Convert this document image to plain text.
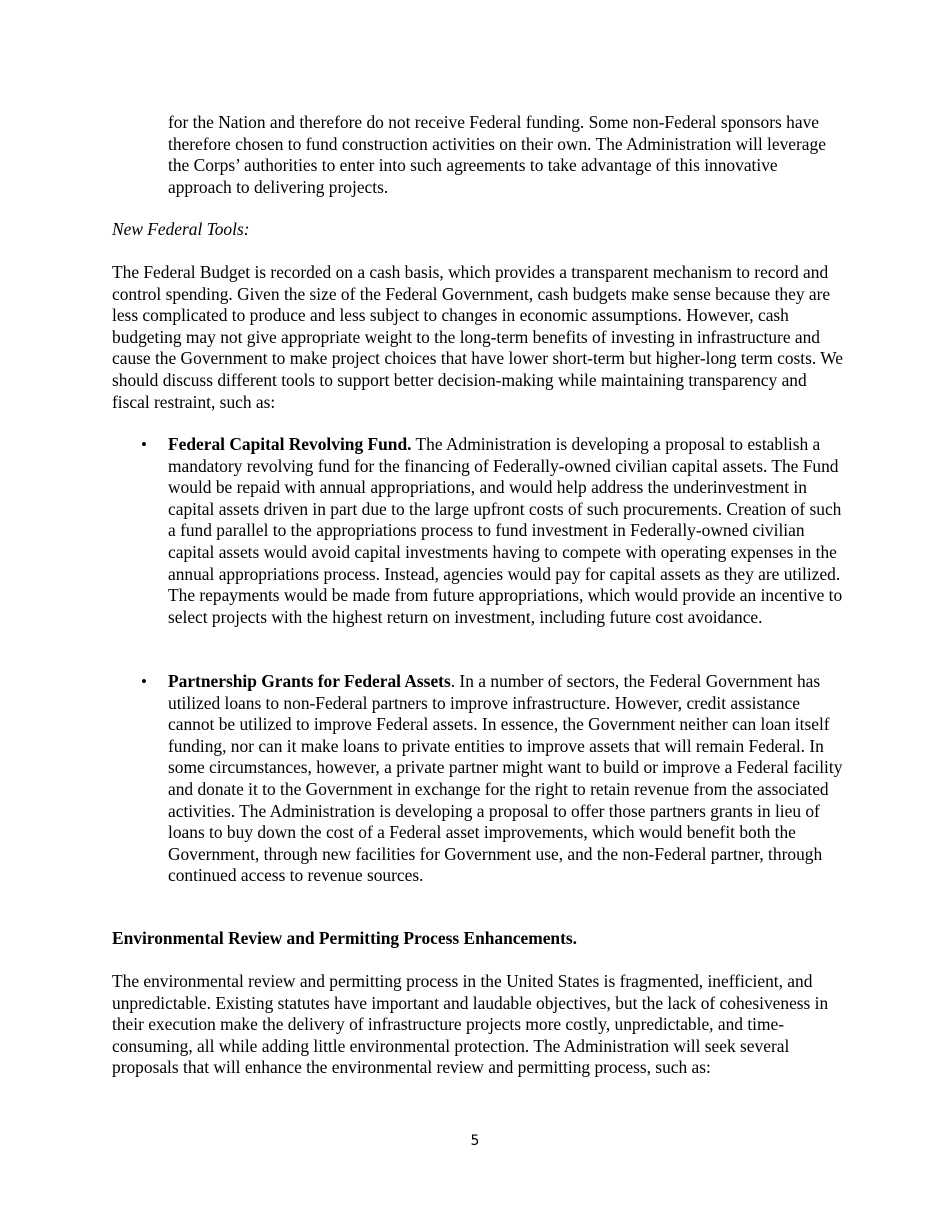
for the Nation and therefore do not receive Federal funding. Some non-Federal sponsors have therefore chosen to fund construction activities on their own. The Administration will leverage the Corps’ authorities to enter into such agreements to take advantage of this innovative approach to delivering projects.

New Federal Tools:

The Federal Budget is recorded on a cash basis, which provides a transparent mechanism to record and control spending. Given the size of the Federal Government, cash budgets make sense because they are less complicated to produce and less subject to changes in economic assumptions. However, cash budgeting may not give appropriate weight to the long-term benefits of investing in infrastructure and cause the Government to make project choices that have lower short-term but higher-long term costs. We should discuss different tools to support better decision-making while maintaining transparency and fiscal restraint, such as:

• Federal Capital Revolving Fund. The Administration is developing a proposal to establish a mandatory revolving fund for the financing of Federally-owned civilian capital assets. The Fund would be repaid with annual appropriations, and would help address the underinvestment in capital assets driven in part due to the large upfront costs of such procurements. Creation of such a fund parallel to the appropriations process to fund investment in Federally-owned civilian capital assets would avoid capital investments having to compete with operating expenses in the annual appropriations process. Instead, agencies would pay for capital assets as they are utilized. The repayments would be made from future appropriations, which would provide an incentive to select projects with the highest return on investment, including future cost avoidance.

• Partnership Grants for Federal Assets. In a number of sectors, the Federal Government has utilized loans to non-Federal partners to improve infrastructure. However, credit assistance cannot be utilized to improve Federal assets. In essence, the Government neither can loan itself funding, nor can it make loans to private entities to improve assets that will remain Federal. In some circumstances, however, a private partner might want to build or improve a Federal facility and donate it to the Government in exchange for the right to retain revenue from the associated activities. The Administration is developing a proposal to offer those partners grants in lieu of loans to buy down the cost of a Federal asset improvements, which would benefit both the Government, through new facilities for Government use, and the non-Federal partner, through continued access to revenue sources.

Environmental Review and Permitting Process Enhancements.

The environmental review and permitting process in the United States is fragmented, inefficient, and unpredictable. Existing statutes have important and laudable objectives, but the lack of cohesiveness in their execution make the delivery of infrastructure projects more costly, unpredictable, and time-consuming, all while adding little environmental protection. The Administration will seek several proposals that will enhance the environmental review and permitting process, such as:

5
